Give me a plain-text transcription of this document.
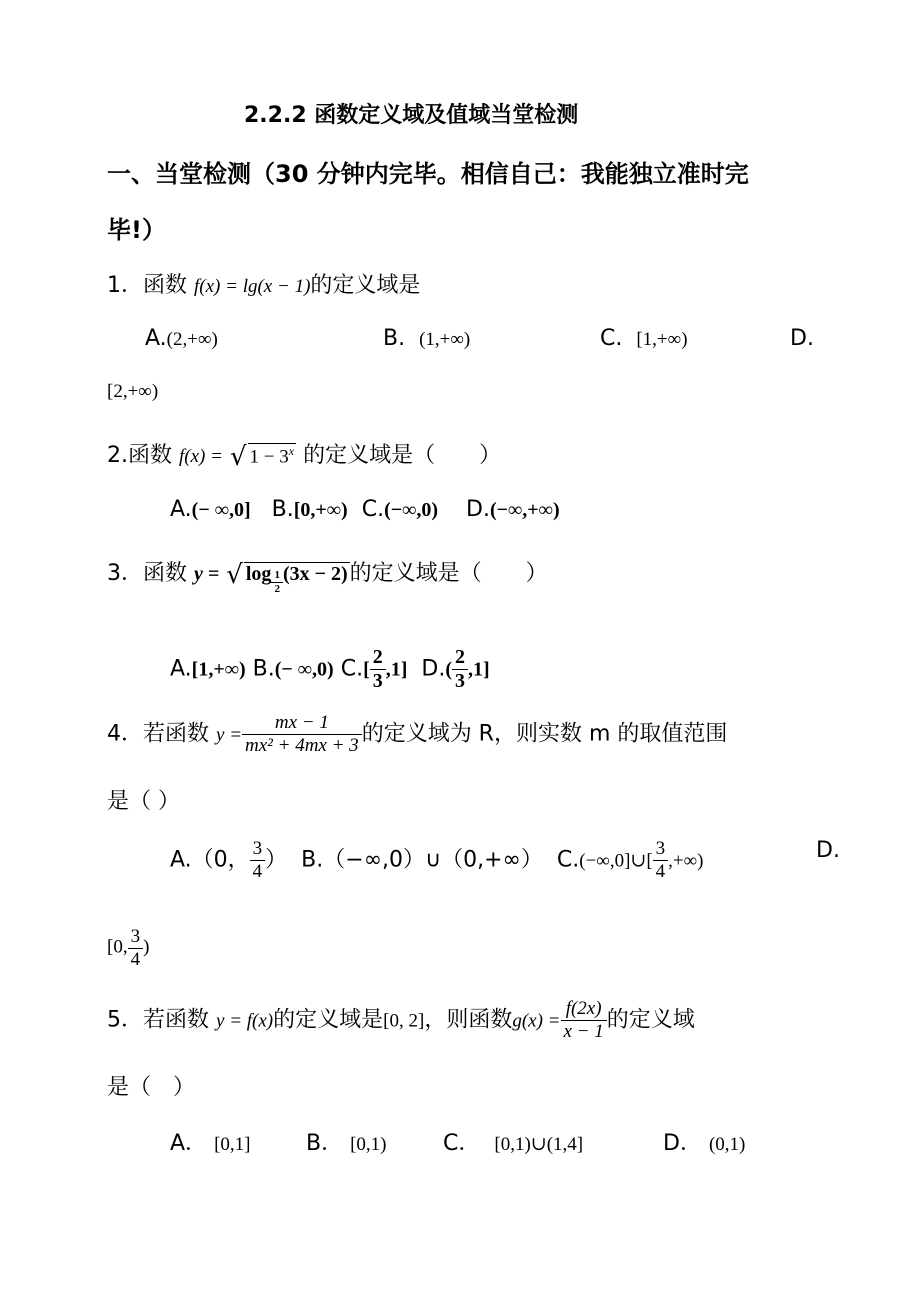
2.2.2 函数定义域及值域当堂检测
一、当堂检测（30 分钟内完毕。相信自己：我能独立准时完
毕!）
1．函数 f(x) = lg(x − 1)的定义域是
A.(2,+∞)	B. (1,+∞)	C. [1,+∞)	D.
[2,+∞)
2.函数 f(x) = √ $1 - 3^x$ 的定义域是（　　）
A.(− ∞,0] B.[0,+∞) C.(−∞,0) D.(−∞,+∞)
3．函数 y = √ $\log \frac{1}{2} (3x - 2)$的定义域是（　　）
A.[1,+∞) B.(− ∞,0) $C.[ \frac{2}{3} ,1]$ $D.( \frac{2}{3} ,1]$
4．若函数 $y = \frac{mx - 1}{\text{mx² + 4mx + 3}}$ 的定义域为 R，则实数 m 的取值范围
是（ ）
A.（0， $\frac{3}{4}$ ） B.（−∞,0）∪（0,+∞） C.(−∞,0]∪[ $\frac{3}{4}$ ,+∞)	D.
[0, $\frac{3}{4}$ )
5．若函数 y = f(x)的定义域是[0, 2]，则函数$g(x) = \frac{f(2x)}{x - 1}$ 的定义域
是（　）
A． [0,1]	B． [0,1)	C． [0,1)∪(1,4]	D． (0,1)
